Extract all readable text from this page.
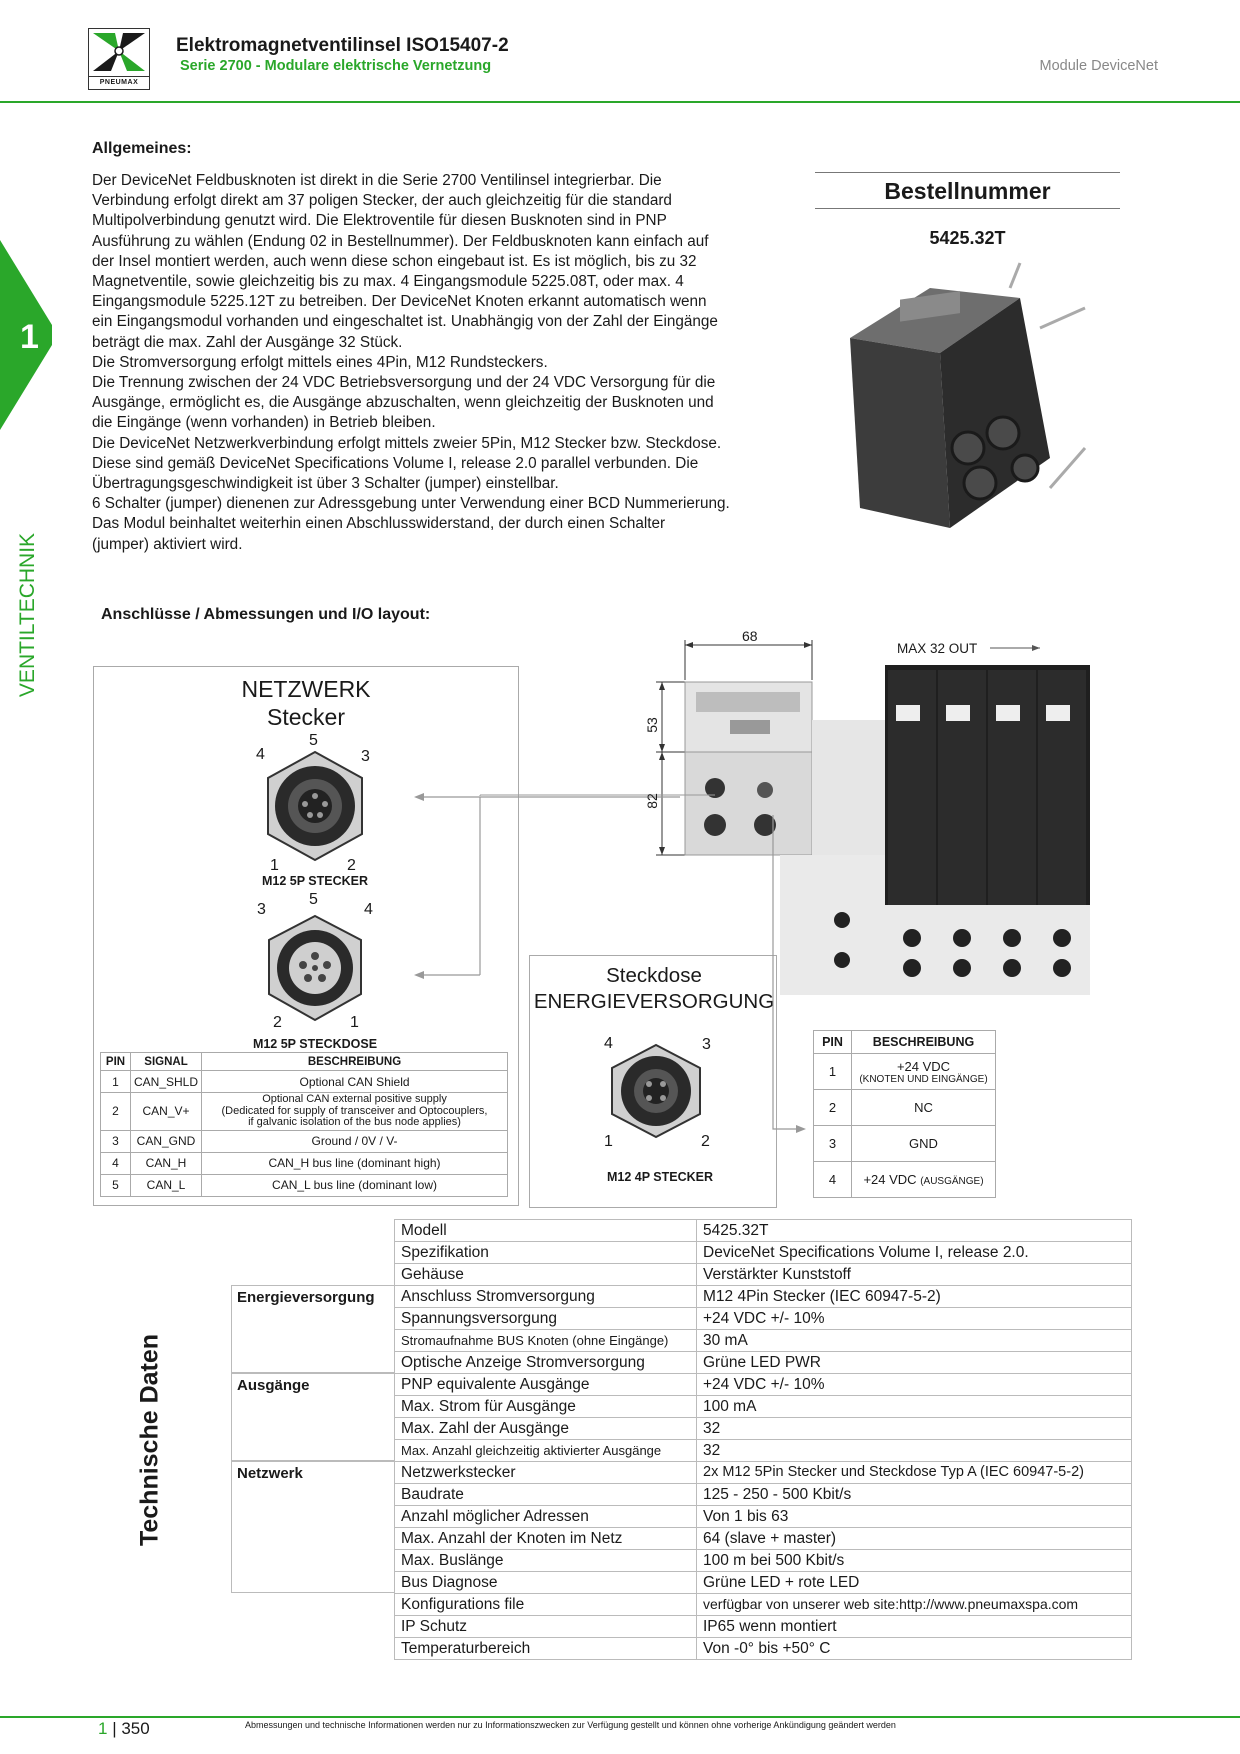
PNEUMAX
Elektromagnetventilinsel ISO15407-2
Serie 2700 - Modulare elektrische Vernetzung	Module DeviceNet
1
VENTILTECHNIK
Allgemeines:

Der DeviceNet Feldbusknoten ist direkt in die Serie 2700 Ventilinsel integrierbar. Die

Verbindung erfolgt direkt am 37 poligen Stecker, der auch gleichzeitig für die standard

Multipolverbindung genutzt wird. Die Elektroventile für diesen Busknoten sind in PNP

Ausführung zu wählen (Endung 02 in Bestellnummer). Der Feldbusknoten kann einfach auf

der Insel montiert werden, auch wenn diese schon eingebaut ist. Es ist möglich, bis zu 32

Magnetventile, sowie gleichzeitig bis zu max. 4 Eingangsmodule 5225.08T, oder max. 4

Eingangsmodule 5225.12T zu betreiben. Der DeviceNet Knoten erkannt automatisch wenn

ein Eingangsmodul vorhanden und eingeschaltet ist. Unabhängig von der Zahl der Eingänge

beträgt die max. Zahl der Ausgänge 32 Stück.

Die Stromversorgung erfolgt mittels eines 4Pin, M12 Rundsteckers.

Die Trennung zwischen der 24 VDC Betriebsversorgung und der 24 VDC Versorgung für die

Ausgänge, ermöglicht es, die Ausgänge abzuschalten, wenn gleichzeitig der Busknoten und

die Eingänge (wenn vorhanden) in Betrieb bleiben.

Die DeviceNet Netzwerkverbindung erfolgt mittels zweier 5Pin, M12 Stecker bzw. Steckdose.

Diese sind gemäß DeviceNet Specifications Volume I, release 2.0 parallel verbunden. Die

Übertragungsgeschwindigkeit ist über 3 Schalter (jumper) einstellbar.

6 Schalter (jumper) dienenen zur Adressgebung unter Verwendung einer BCD Nummerierung.

Das Modul beinhaltet weiterhin einen Abschlusswiderstand, der durch einen Schalter

(jumper) aktiviert wird.

Bestellnummer
5425.32T
Anschlüsse / Abmessungen und I/O layout:
NETZWERK
Stecker
5
4	3
1	2
M12 5P STECKER
5
3	4
2	1
M12 5P STECKDOSE
PIN	SIGNAL	BESCHREIBUNG
1	CAN_SHLD	Optional CAN Shield
2	CAN_V+	Optional CAN external positive supply
(Dedicated for supply of transceiver and Optocouplers,
if galvanic isolation of the bus node applies)

3	CAN_GND	Ground / 0V / V-
4	CAN_H	CAN_H bus line (dominant high)
5	CAN_L	CAN_L bus line (dominant low)
Steckdose
ENERGIEVERSORGUNG
4	3
1	2
M12 4P STECKER
PIN	BESCHREIBUNG
1	+24 VDC
(KNOTEN UND EINGÄNGE)

2	NC
3	GND
4	+24 VDC (AUSGÄNGE)
68
53
82
MAX 32 OUT
Technische Daten
Energieversorgung
Ausgänge
Netzwerk
Modell	5425.32T
Spezifikation	DeviceNet Specifications Volume I, release 2.0.
Gehäuse	Verstärkter Kunststoff
Anschluss Stromversorgung	M12 4Pin Stecker (IEC 60947-5-2)
Spannungsversorgung	+24 VDC +/- 10%
Stromaufnahme BUS Knoten (ohne Eingänge)	30 mA
Optische Anzeige Stromversorgung	Grüne LED PWR
PNP equivalente Ausgänge	+24 VDC +/- 10%
Max. Strom für Ausgänge	100 mA
Max. Zahl der Ausgänge	32
Max. Anzahl gleichzeitig aktivierter Ausgänge	32
Netzwerkstecker	2x M12 5Pin Stecker und Steckdose Typ A (IEC 60947-5-2)
Baudrate	125 - 250 - 500 Kbit/s
Anzahl möglicher Adressen	Von 1 bis 63
Max. Anzahl der Knoten im Netz	64 (slave + master)
Max. Buslänge	100 m bei 500 Kbit/s
Bus Diagnose	Grüne LED + rote LED
Konfigurations file	verfügbar von unserer web site:http://www.pneumaxspa.com
IP Schutz	IP65 wenn montiert
Temperaturbereich	Von -0° bis +50° C
1 | 350	Abmessungen und technische Informationen werden nur zu Informationszwecken zur Verfügung gestellt und können ohne vorherige Ankündigung geändert werden
